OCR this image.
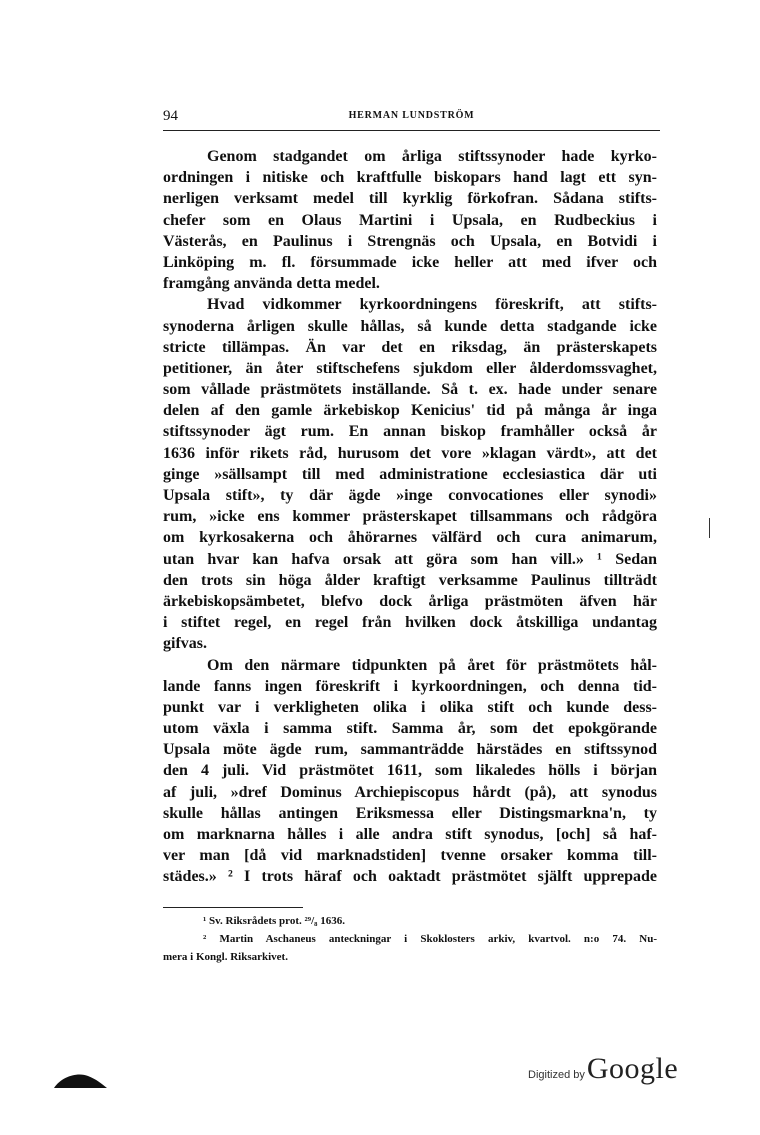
94	HERMAN LUNDSTRÖM
Genom stadgandet om årliga stiftssynoder hade kyrko-
ordningen i nitiske och kraftfulle biskopars hand lagt ett syn-
nerligen verksamt medel till kyrklig förkofran. Sådana stifts-
chefer som en Olaus Martini i Upsala, en Rudbeckius i
Västerås, en Paulinus i Strengnäs och Upsala, en Botvidi i
Linköping m. fl. försummade icke heller att med ifver och
framgång använda detta medel.
Hvad vidkommer kyrkoordningens föreskrift, att stifts-
synoderna årligen skulle hållas, så kunde detta stadgande icke
stricte tillämpas. Än var det en riksdag, än prästerskapets
petitioner, än åter stiftschefens sjukdom eller ålderdomssvaghet,
som vållade prästmötets inställande. Så t. ex. hade under senare
delen af den gamle ärkebiskop Kenicius' tid på många år inga
stiftssynoder ägt rum. En annan biskop framhåller också år
1636 inför rikets råd, hurusom det vore »klagan värdt», att det
ginge »sällsampt till med administratione ecclesiastica där uti
Upsala stift», ty där ägde »inge convocationes eller synodi»
rum, »icke ens kommer prästerskapet tillsammans och rådgöra
om kyrkosakerna och åhörarnes välfärd och cura animarum,
utan hvar kan hafva orsak att göra som han vill.» ¹ Sedan
den trots sin höga ålder kraftigt verksamme Paulinus tillträdt
ärkebiskopsämbetet, blefvo dock årliga prästmöten äfven här
i stiftet regel, en regel från hvilken dock åtskilliga undantag
gifvas.
Om den närmare tidpunkten på året för prästmötets hål-
lande fanns ingen föreskrift i kyrkoordningen, och denna tid-
punkt var i verkligheten olika i olika stift och kunde dess-
utom växla i samma stift. Samma år, som det epokgörande
Upsala möte ägde rum, sammanträdde härstädes en stiftssynod
den 4 juli. Vid prästmötet 1611, som likaledes hölls i början
af juli, »dref Dominus Archiepiscopus hårdt (på), att synodus
skulle hållas antingen Eriksmessa eller Distingsmarkna'n, ty
om marknarna hålles i alle andra stift synodus, [och] så haf-
ver man [då vid marknadstiden] tvenne orsaker komma till-
städes.» ² I trots häraf och oaktadt prästmötet själft upprepade
¹ Sv. Riksrådets prot. ²⁹/₈ 1636.
² Martin Aschaneus anteckningar i Skoklosters arkiv, kvartvol. n:o 74. Nu-
mera i Kongl. Riksarkivet.
Digitized by Google
